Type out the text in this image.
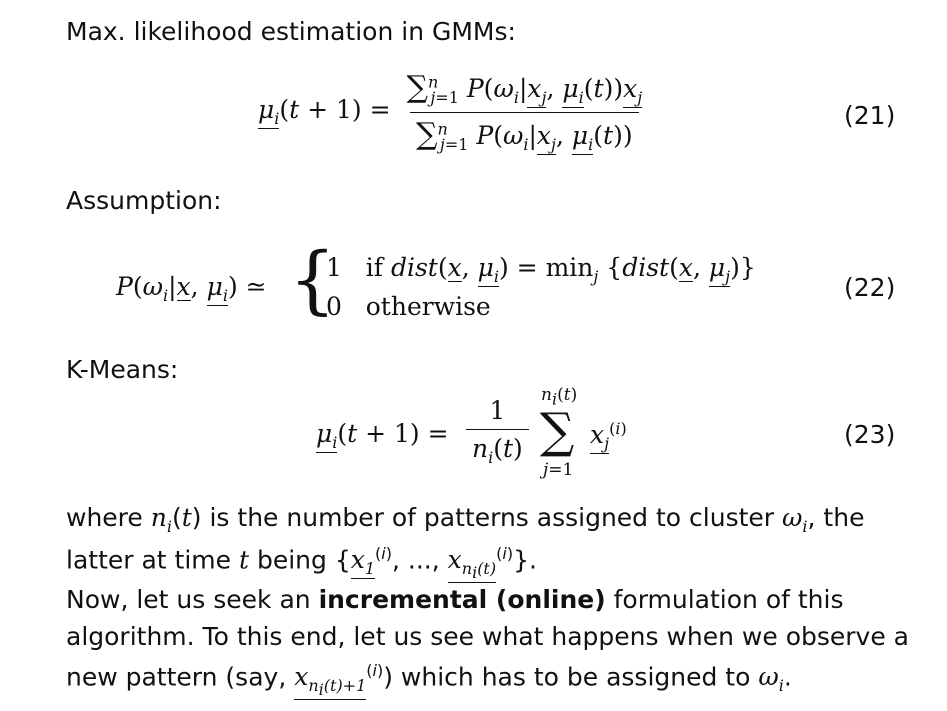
Max. likelihood estimation in GMMs:
$\mu_i(t + 1) = \frac{\sum^n_{j=1} P(\omega_i|x_j, \mu_i(t))x_j}{\sum^n_{j=1} P(\omega_i|x_j, \mu_i(t))}$	(21)
Assumption:
$P(\omega_i|x$, $\mu_i$) ≃ {
1   if dist(x, $\mu_i) = \min_j$ {dist(x, $\mu_j$)}
0   otherwise
(22)
K-Means:
$\mu_i(t + 1) = \frac{1}{n_i(t)}$
$n_i(t)$
∑
j=1
$x_j^{(i)}$	(23)
where $n_i(t)$ is the number of patterns assigned to cluster $\omega_i$, the
latter at time t being {$x_1^{(i)}$, ..., $x_{n_i(t)}^{(i)}$}.
Now, let us seek an incremental (online) formulation of this
algorithm. To this end, let us see what happens when we observe a
new pattern (say, $x_{n_i(t)+1}^{(i)}$) which has to be assigned to $\omega_i$.
